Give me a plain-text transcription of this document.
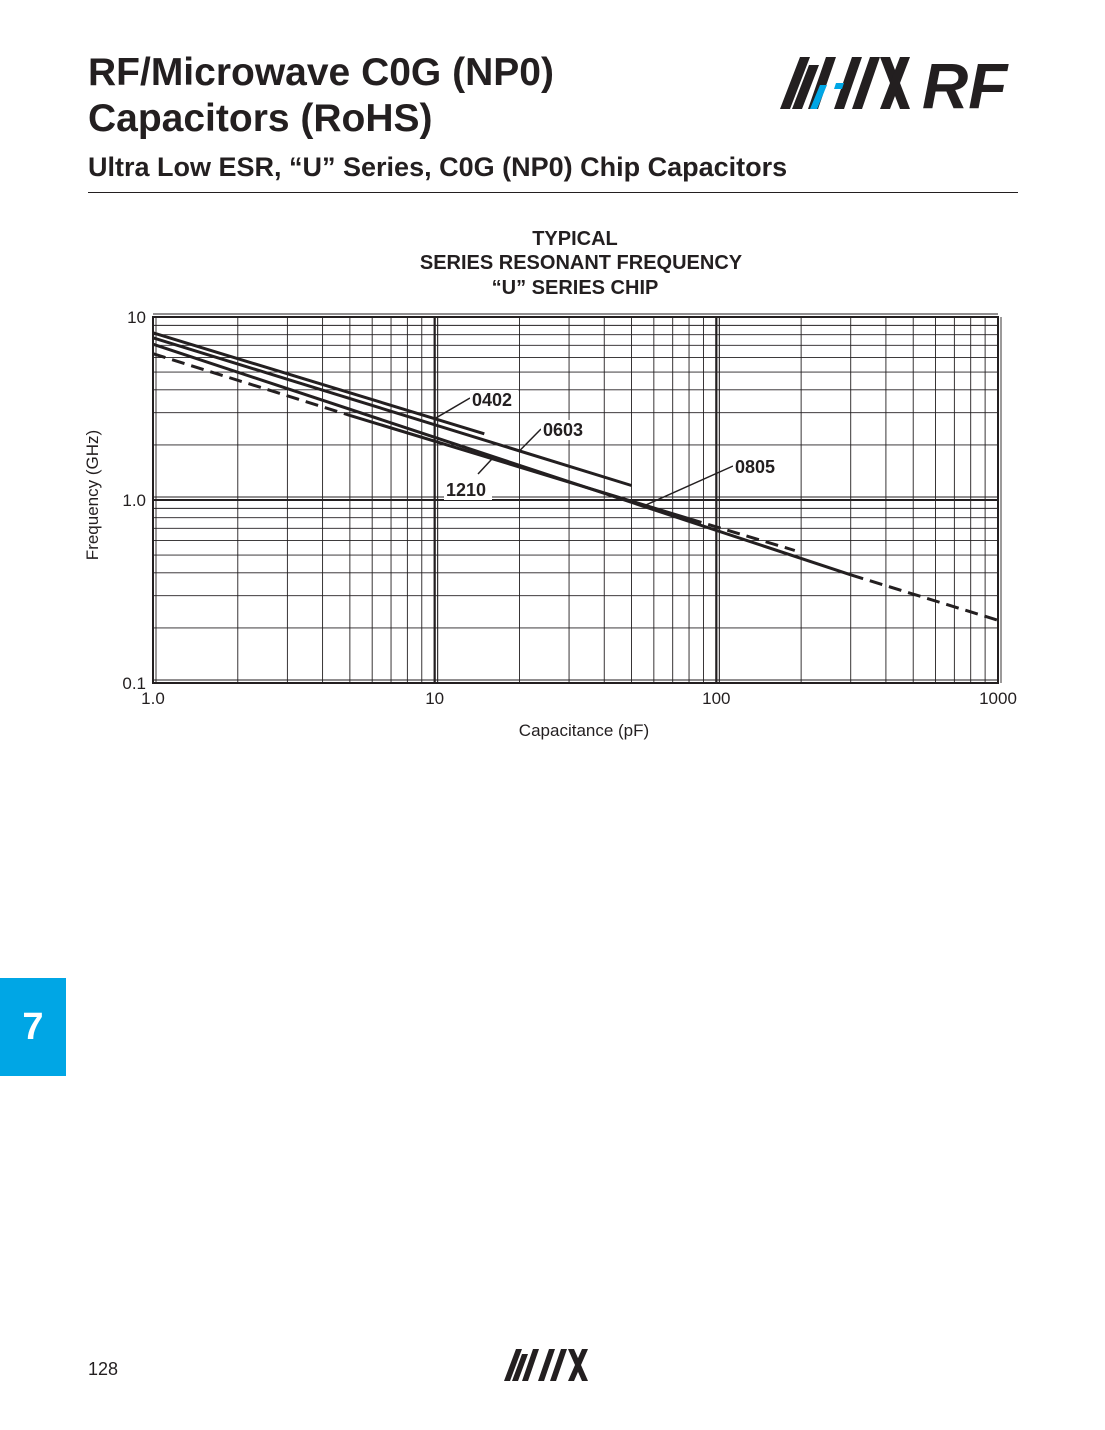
RF/Microwave C0G (NP0)
Capacitors (RoHS)	RF
Ultra Low ESR, “U” Series, C0G (NP0) Chip Capacitors
TYPICAL
SERIES RESONANT FREQUENCY
“U” SERIES CHIP
1.0	10	100	1000
0.1
1.0
10
Capacitance (pF)
Frequency (GHz)
0402
0603
0805
1210
7
128
